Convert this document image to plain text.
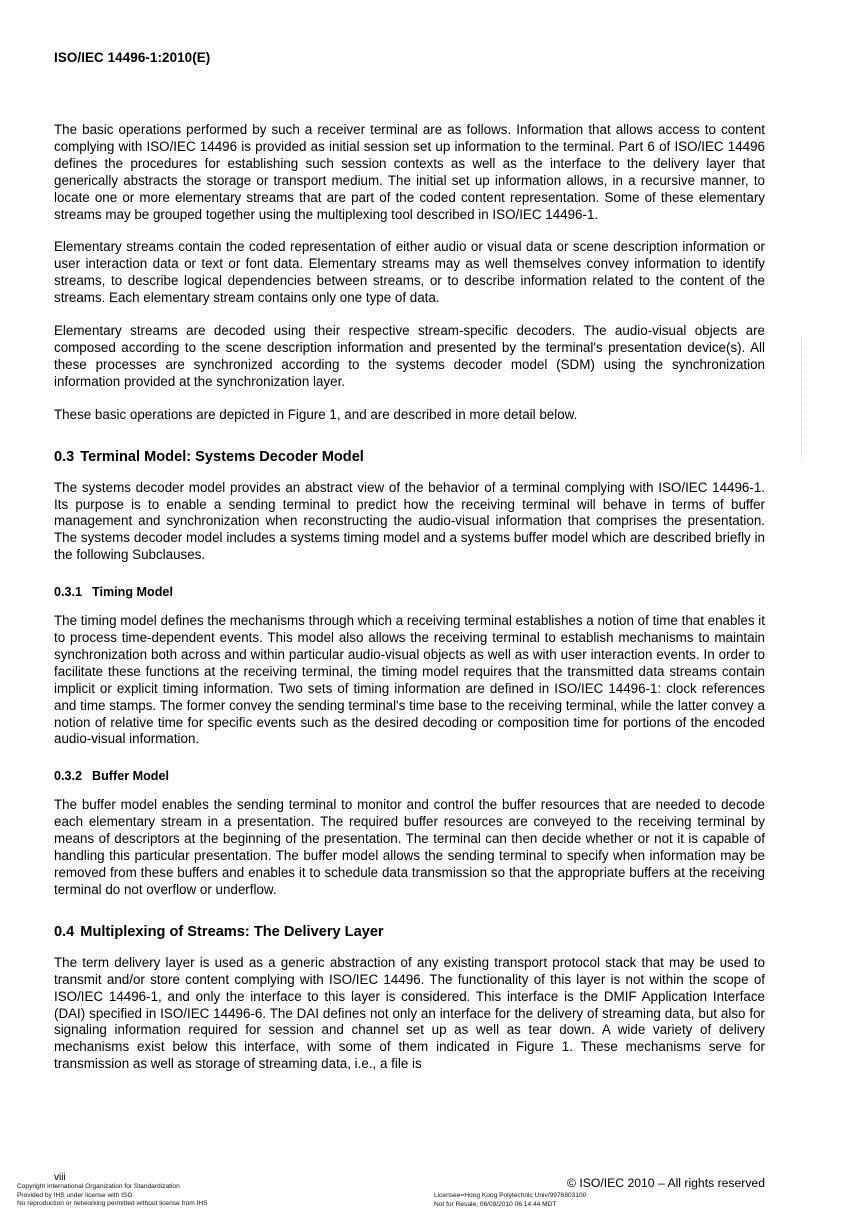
ISO/IEC 14496-1:2010(E)

The basic operations performed by such a receiver terminal are as follows. Information that allows access to content complying with ISO/IEC 14496 is provided as initial session set up information to the terminal. Part 6 of ISO/IEC 14496 defines the procedures for establishing such session contexts as well as the interface to the delivery layer that generically abstracts the storage or transport medium. The initial set up information allows, in a recursive manner, to locate one or more elementary streams that are part of the coded content representation. Some of these elementary streams may be grouped together using the multiplexing tool described in ISO/IEC 14496-1.

Elementary streams contain the coded representation of either audio or visual data or scene description information or user interaction data or text or font data. Elementary streams may as well themselves convey information to identify streams, to describe logical dependencies between streams, or to describe information related to the content of the streams. Each elementary stream contains only one type of data.

Elementary streams are decoded using their respective stream-specific decoders. The audio-visual objects are composed according to the scene description information and presented by the terminal's presentation device(s). All these processes are synchronized according to the systems decoder model (SDM) using the synchronization information provided at the synchronization layer.

These basic operations are depicted in Figure 1, and are described in more detail below.

0.3 Terminal Model: Systems Decoder Model

The systems decoder model provides an abstract view of the behavior of a terminal complying with ISO/IEC 14496-1. Its purpose is to enable a sending terminal to predict how the receiving terminal will behave in terms of buffer management and synchronization when reconstructing the audio-visual information that comprises the presentation. The systems decoder model includes a systems timing model and a systems buffer model which are described briefly in the following Subclauses.

0.3.1 Timing Model

The timing model defines the mechanisms through which a receiving terminal establishes a notion of time that enables it to process time-dependent events. This model also allows the receiving terminal to establish mechanisms to maintain synchronization both across and within particular audio-visual objects as well as with user interaction events. In order to facilitate these functions at the receiving terminal, the timing model requires that the transmitted data streams contain implicit or explicit timing information. Two sets of timing information are defined in ISO/IEC 14496-1: clock references and time stamps. The former convey the sending terminal's time base to the receiving terminal, while the latter convey a notion of relative time for specific events such as the desired decoding or composition time for portions of the encoded audio-visual information.

0.3.2 Buffer Model

The buffer model enables the sending terminal to monitor and control the buffer resources that are needed to decode each elementary stream in a presentation. The required buffer resources are conveyed to the receiving terminal by means of descriptors at the beginning of the presentation. The terminal can then decide whether or not it is capable of handling this particular presentation. The buffer model allows the sending terminal to specify when information may be removed from these buffers and enables it to schedule data transmission so that the appropriate buffers at the receiving terminal do not overflow or underflow.

0.4 Multiplexing of Streams: The Delivery Layer

The term delivery layer is used as a generic abstraction of any existing transport protocol stack that may be used to transmit and/or store content complying with ISO/IEC 14496. The functionality of this layer is not within the scope of ISO/IEC 14496-1, and only the interface to this layer is considered. This interface is the DMIF Application Interface (DAI) specified in ISO/IEC 14496-6. The DAI defines not only an interface for the delivery of streaming data, but also for signaling information required for session and channel set up as well as tear down. A wide variety of delivery mechanisms exist below this interface, with some of them indicated in Figure 1. These mechanisms serve for transmission as well as storage of streaming data, i.e., a file is

viii	© ISO/IEC 2010 – All rights reserved
Copyright International Organization for Standardization
Provided by IHS under license with ISO
No reproduction or networking permitted without license from IHS
Licensee=Hong Kong Polytechnic Univ/9976803100
Not for Resale, 06/09/2010 06:14:44 MDT
